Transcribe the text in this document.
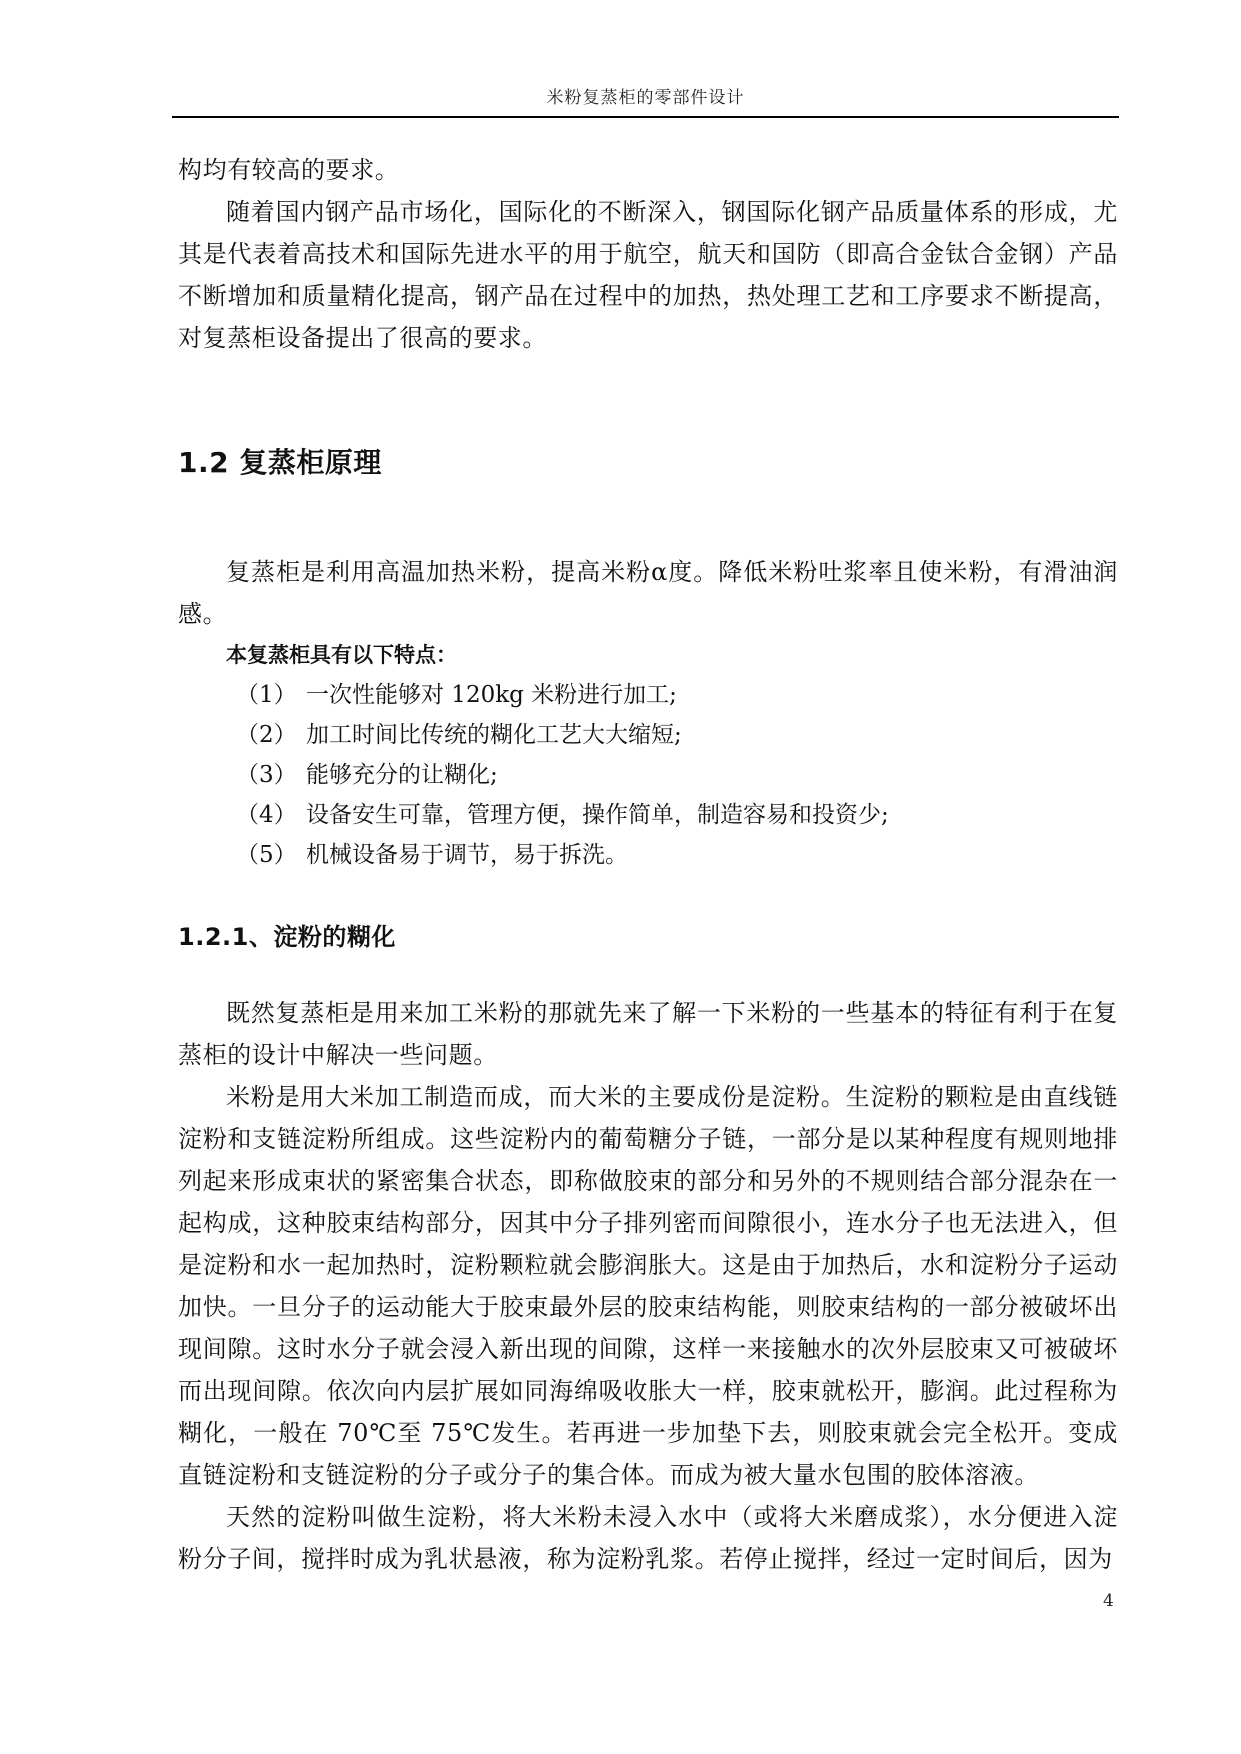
米粉复蒸柜的零部件设计

构均有较高的要求。

随着国内钢产品市场化，国际化的不断深入，钢国际化钢产品质量体系的形成，尤其是代表着高技术和国际先进水平的用于航空，航天和国防（即高合金钛合金钢）产品不断增加和质量精化提高，钢产品在过程中的加热，热处理工艺和工序要求不断提高，对复蒸柜设备提出了很高的要求。

1.2 复蒸柜原理

复蒸柜是利用高温加热米粉，提高米粉α度。降低米粉吐浆率且使米粉，有滑油润感。

本复蒸柜具有以下特点：

（1） 一次性能够对 120kg 米粉进行加工;
（2） 加工时间比传统的糊化工艺大大缩短;
（3） 能够充分的让糊化;
（4） 设备安生可靠，管理方便，操作简单，制造容易和投资少;
（5） 机械设备易于调节，易于拆洗。
1.2.1、淀粉的糊化

既然复蒸柜是用来加工米粉的那就先来了解一下米粉的一些基本的特征有利于在复蒸柜的设计中解决一些问题。

米粉是用大米加工制造而成，而大米的主要成份是淀粉。生淀粉的颗粒是由直线链淀粉和支链淀粉所组成。这些淀粉内的葡萄糖分子链，一部分是以某种程度有规则地排列起来形成束状的紧密集合状态，即称做胶束的部分和另外的不规则结合部分混杂在一起构成，这种胶束结构部分，因其中分子排列密而间隙很小，连水分子也无法进入，但是淀粉和水一起加热时，淀粉颗粒就会膨润胀大。这是由于加热后，水和淀粉分子运动加快。一旦分子的运动能大于胶束最外层的胶束结构能，则胶束结构的一部分被破坏出现间隙。这时水分子就会浸入新出现的间隙，这样一来接触水的次外层胶束又可被破坏而出现间隙。依次向内层扩展如同海绵吸收胀大一样，胶束就松开，膨润。此过程称为糊化，一般在 70℃至 75℃发生。若再进一步加垫下去，则胶束就会完全松开。变成直链淀粉和支链淀粉的分子或分子的集合体。而成为被大量水包围的胶体溶液。

天然的淀粉叫做生淀粉，将大米粉未浸入水中（或将大米磨成浆），水分便进入淀粉分子间，搅拌时成为乳状悬液，称为淀粉乳浆。若停止搅拌，经过一定时间后，因为

4
